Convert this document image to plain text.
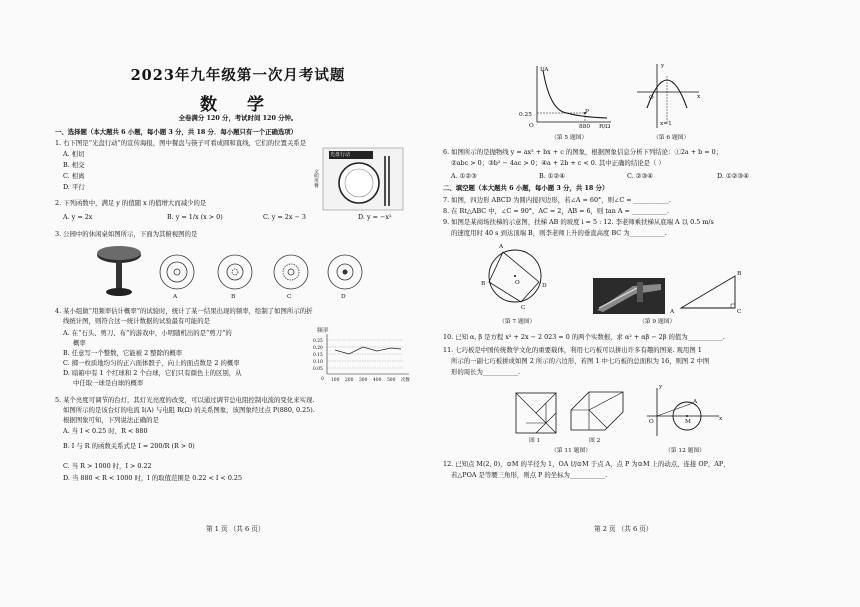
2023年九年级第一次月考试题
数 学
全卷满分 120 分，考试时间 120 分钟。
一、选择题（本大题共 6 小题，每小题 3 分，共 18 分．每小题只有一个正确选项）
1. 右下图是“光盘行动”的宣传海报，图中餐盘与筷子可看成圆和直线，它们的位置关系是
A. 相切
B. 相交
C. 相离
D. 平行
光盘行动
文明用餐
2. 下列函数中，满足 y 的值随 x 的值增大而减少的是
A. y = 2x	B. y = 1/x (x > 0)	C. y = 2x − 3	D. y = −x²
3. 公园中的休闲桌如图所示，下面为其俯视图的是
A	B	C	D
4. 某小组做“用频率估计概率”的试验时，统计了某一结果出现的频率，绘制了如图所示的折
线统计图，则符合这一统计数据的试验最有可能的是
A. 在“石头、剪刀、布”的游戏中，小明随机出的是“剪刀”的
概率
B. 任意写一个整数，它能被 2 整除的概率
C. 掷一枚质地均匀的正六面体骰子，向上的面点数是 2 的概率
D. 暗箱中有 1 个红球和 2 个白球，它们只有颜色上的区别，从
中任取一球是白球的概率
频率
0.25
0.20
0.15
0.10
0.05
0 100 200 300 400 500 次数
5. 某个亮度可调节的台灯，其灯光亮度的改变，可以通过调节总电阻控制电流的变化来实现.
如图所示的是该台灯的电流 I(A) 与电阻 R(Ω) 的关系图象，该图象经过点 P(880, 0.25).
根据图象可知，下列说法正确的是
A. 当 I < 0.25 时，R < 880
B. I 与 R 的函数关系式是 I = 200/R (R > 0)
C. 当 R > 1000 时，I > 0.22
D. 当 880 < R < 1000 时，I 的取值范围是 0.22 < I < 0.25
第 1 页 （共 6 页）
I/A
P
0.25
O	880 R/Ω
（第 5 题图）
y
x
O
x=1
（第 6 题图）
6. 如图所示的是抛物线 y = ax² + bx + c 的图象，根据图象信息分析下列结论：①2a + b = 0；
②abc > 0；③b² − 4ac > 0；④a + 2b + c < 0. 其中正确的结论是（ ）
A. ①②③	B. ①②④	C. ②③④	D. ①②③④
二、填空题（本大题共 6 小题，每小题 3 分，共 18 分）
7. 如图，四边形 ABCD 为圆内接四边形，若∠A = 60°，则∠C = ___________.
8. 在 Rt△ABC 中，∠C = 90°，AC = 2，AB = 6，则 tan A = ___________.
9. 如图是某商场扶梯的示意图，扶梯 AB 的坡度 i = 5 : 12. 李老师乘扶梯从底端 A 以 0.5 m/s
的速度用时 40 s 到达顶端 B，则李老师上升的垂直高度 BC 为___________.
A
B
C
D
O
（第 7 题图）
A
B
C
（第 9 题图）
10. 已知 α, β 是方程 x² + 2x − 2 023 = 0 的两个实数根，求 α² + αβ − 2β 的值为___________.
11. 七巧板是中国传统数学文化的重要载体，利用七巧板可以拼出许多有趣的图案. 观用图 1
所示的一副七巧板拼成如图 2 所示的六边形，若图 1 中七巧板的总面积为 16，则图 2 中图
形的周长为___________.
图 1	图 2
（第 11 题图）
y
x
O	M
A
（第 12 题图）
12. 已知点 M(2, 0)，⊙M 的半径为 1，OA 切⊙M 于点 A，点 P 为⊙M 上的动点，连接 OP，AP，
若△POA 是等腰三角形，则点 P 的坐标为___________.
第 2 页 （共 6 页）
